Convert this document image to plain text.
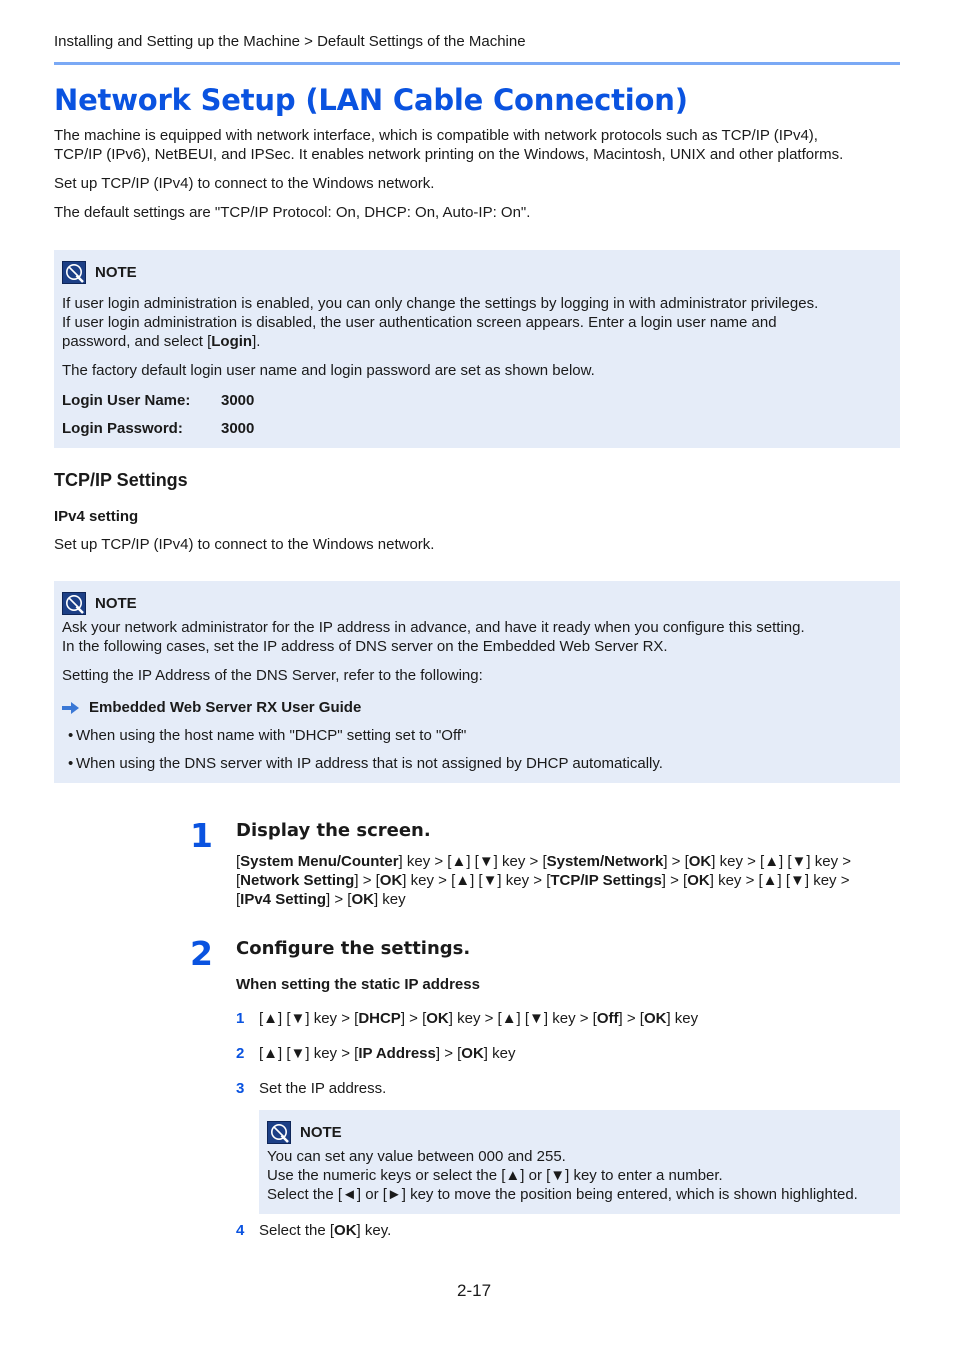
Installing and Setting up the Machine > Default Settings of the Machine
Network Setup (LAN Cable Connection)

The machine is equipped with network interface, which is compatible with network protocols such as TCP/IP (IPv4),

TCP/IP (IPv6), NetBEUI, and IPSec. It enables network printing on the Windows, Macintosh, UNIX and other platforms.

Set up TCP/IP (IPv4) to connect to the Windows network.

The default settings are "TCP/IP Protocol: On, DHCP: On, Auto-IP: On".

NOTE

If user login administration is enabled, you can only change the settings by logging in with administrator privileges.

If user login administration is disabled, the user authentication screen appears. Enter a login user name and

password, and select [Login].

The factory default login user name and login password are set as shown below.

Login User Name: 3000
Login Password:	3000
TCP/IP Settings
IPv4 setting

Set up TCP/IP (IPv4) to connect to the Windows network.

NOTE

Ask your network administrator for the IP address in advance, and have it ready when you configure this setting.

In the following cases, set the IP address of DNS server on the Embedded Web Server RX.

Setting the IP Address of the DNS Server, refer to the following:

Embedded Web Server RX User Guide
• When using the host name with "DHCP" setting set to "Off"
• When using the DNS server with IP address that is not assigned by DHCP automatically.
1 Display the screen.

[System Menu/Counter] key > [▲] [▼] key > [System/Network] > [OK] key > [▲] [▼] key >

[Network Setting] > [OK] key > [▲] [▼] key > [TCP/IP Settings] > [OK] key > [▲] [▼] key >

[IPv4 Setting] > [OK] key

2 Configure the settings.

When setting the static IP address

1 [▲] [▼] key > [DHCP] > [OK] key > [▲] [▼] key > [Off] > [OK] key

2 [▲] [▼] key > [IP Address] > [OK] key

3 Set the IP address.

NOTE

You can set any value between 000 and 255.

Use the numeric keys or select the [▲] or [▼] key to enter a number.

Select the [◄] or [►] key to move the position being entered, which is shown highlighted.

4 Select the [OK] key.

2-17
